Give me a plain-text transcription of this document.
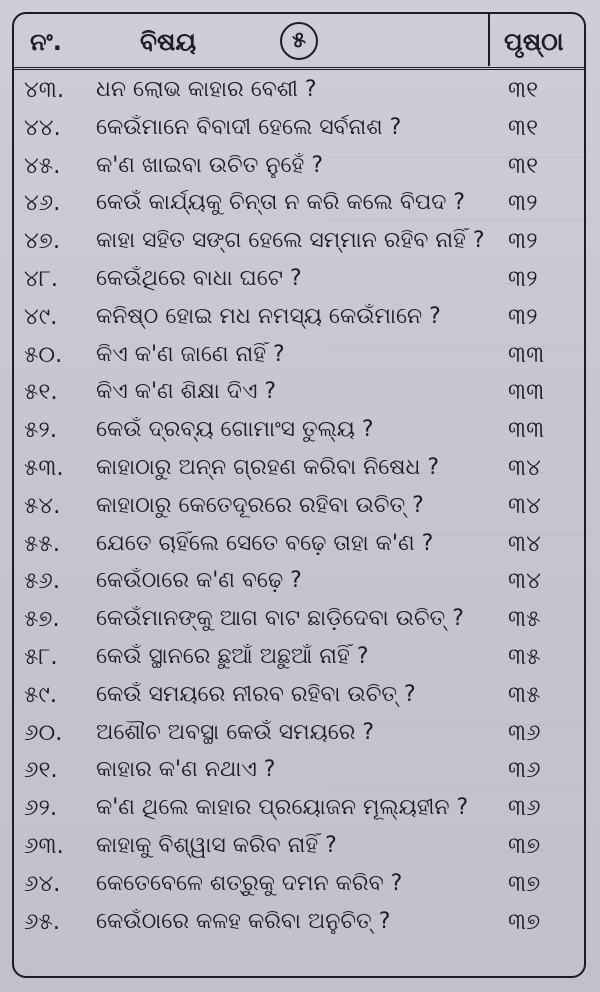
ନଂ.	ବିଷୟ	୫	ପୃଷ୍ଠା
୪୩. ଧନ ଲୋଭ କାହାର ବେଶୀ ?	୩୧
୪୪. କେଉଁମାନେ ବିବାଦୀ ହେଲେ ସର୍ବନାଶ ?	୩୧
୪୫. କ'ଣ ଖାଇବା ଉଚିତ ନୁହେଁ ?	୩୧
୪୬. କେଉଁ କାର୍ଯ୍ୟକୁ ଚିନ୍ତା ନ କରି କଲେ ବିପଦ ?	୩୨
୪୭. କାହା ସହିତ ସଙ୍ଗ ହେଲେ ସମ୍ମାନ ରହିବ ନାହିଁ ?	୩୨
୪୮. କେଉଁଥିରେ ବାଧା ଘଟେ ?	୩୨
୪୯. କନିଷ୍ଠ ହୋଇ ମଧ ନମସ୍ୟ କେଉଁମାନେ ?	୩୨
୫୦. କିଏ କ'ଣ ଜାଣେ ନାହିଁ ?	୩୩
୫୧. କିଏ କ'ଣ ଶିକ୍ଷା ଦିଏ ?	୩୩
୫୨. କେଉଁ ଦ୍ରବ୍ୟ ଗୋମାଂସ ତୁଲ୍ୟ ?	୩୩
୫୩. କାହାଠାରୁ ଅନ୍ନ ଗ୍ରହଣ କରିବା ନିଷେଧ ?	୩୪
୫୪. କାହାଠାରୁ କେତେଦୂରରେ ରହିବା ଉଚିତ୍ ?	୩୪
୫୫. ଯେତେ ଚାହିଁଲେ ସେତେ ବଢ଼େ ତାହା କ'ଣ ?	୩୪
୫୬. କେଉଁଠାରେ କ'ଣ ବଢ଼େ ?	୩୪
୫୭. କେଉଁମାନଙ୍କୁ ଆଗ ବାଟ ଛାଡ଼ିଦେବା ଉଚିତ୍ ?	୩୫
୫୮. କେଉଁ ସ୍ଥାନରେ ଛୁଆଁ ଅଛୁଆଁ ନାହିଁ ?	୩୫
୫୯. କେଉଁ ସମୟରେ ନୀରବ ରହିବା ଉଚିତ୍ ?	୩୫
୬୦. ଅଶୌଚ ଅବସ୍ଥା କେଉଁ ସମୟରେ ?	୩୬
୬୧. କାହାର କ'ଣ ନଥାଏ ?	୩୬
୬୨. କ'ଣ ଥିଲେ କାହାର ପ୍ରୟୋଜନ ମୂଲ୍ୟହୀନ ?	୩୬
୬୩. କାହାକୁ ବିଶ୍ୱାସ କରିବ ନାହିଁ ?	୩୭
୬୪. କେତେବେଳେ ଶତ୍ରୁକୁ ଦମନ କରିବ ?	୩୭
୬୫. କେଉଁଠାରେ କଳହ କରିବା ଅନୁଚିତ୍ ?	୩୭
